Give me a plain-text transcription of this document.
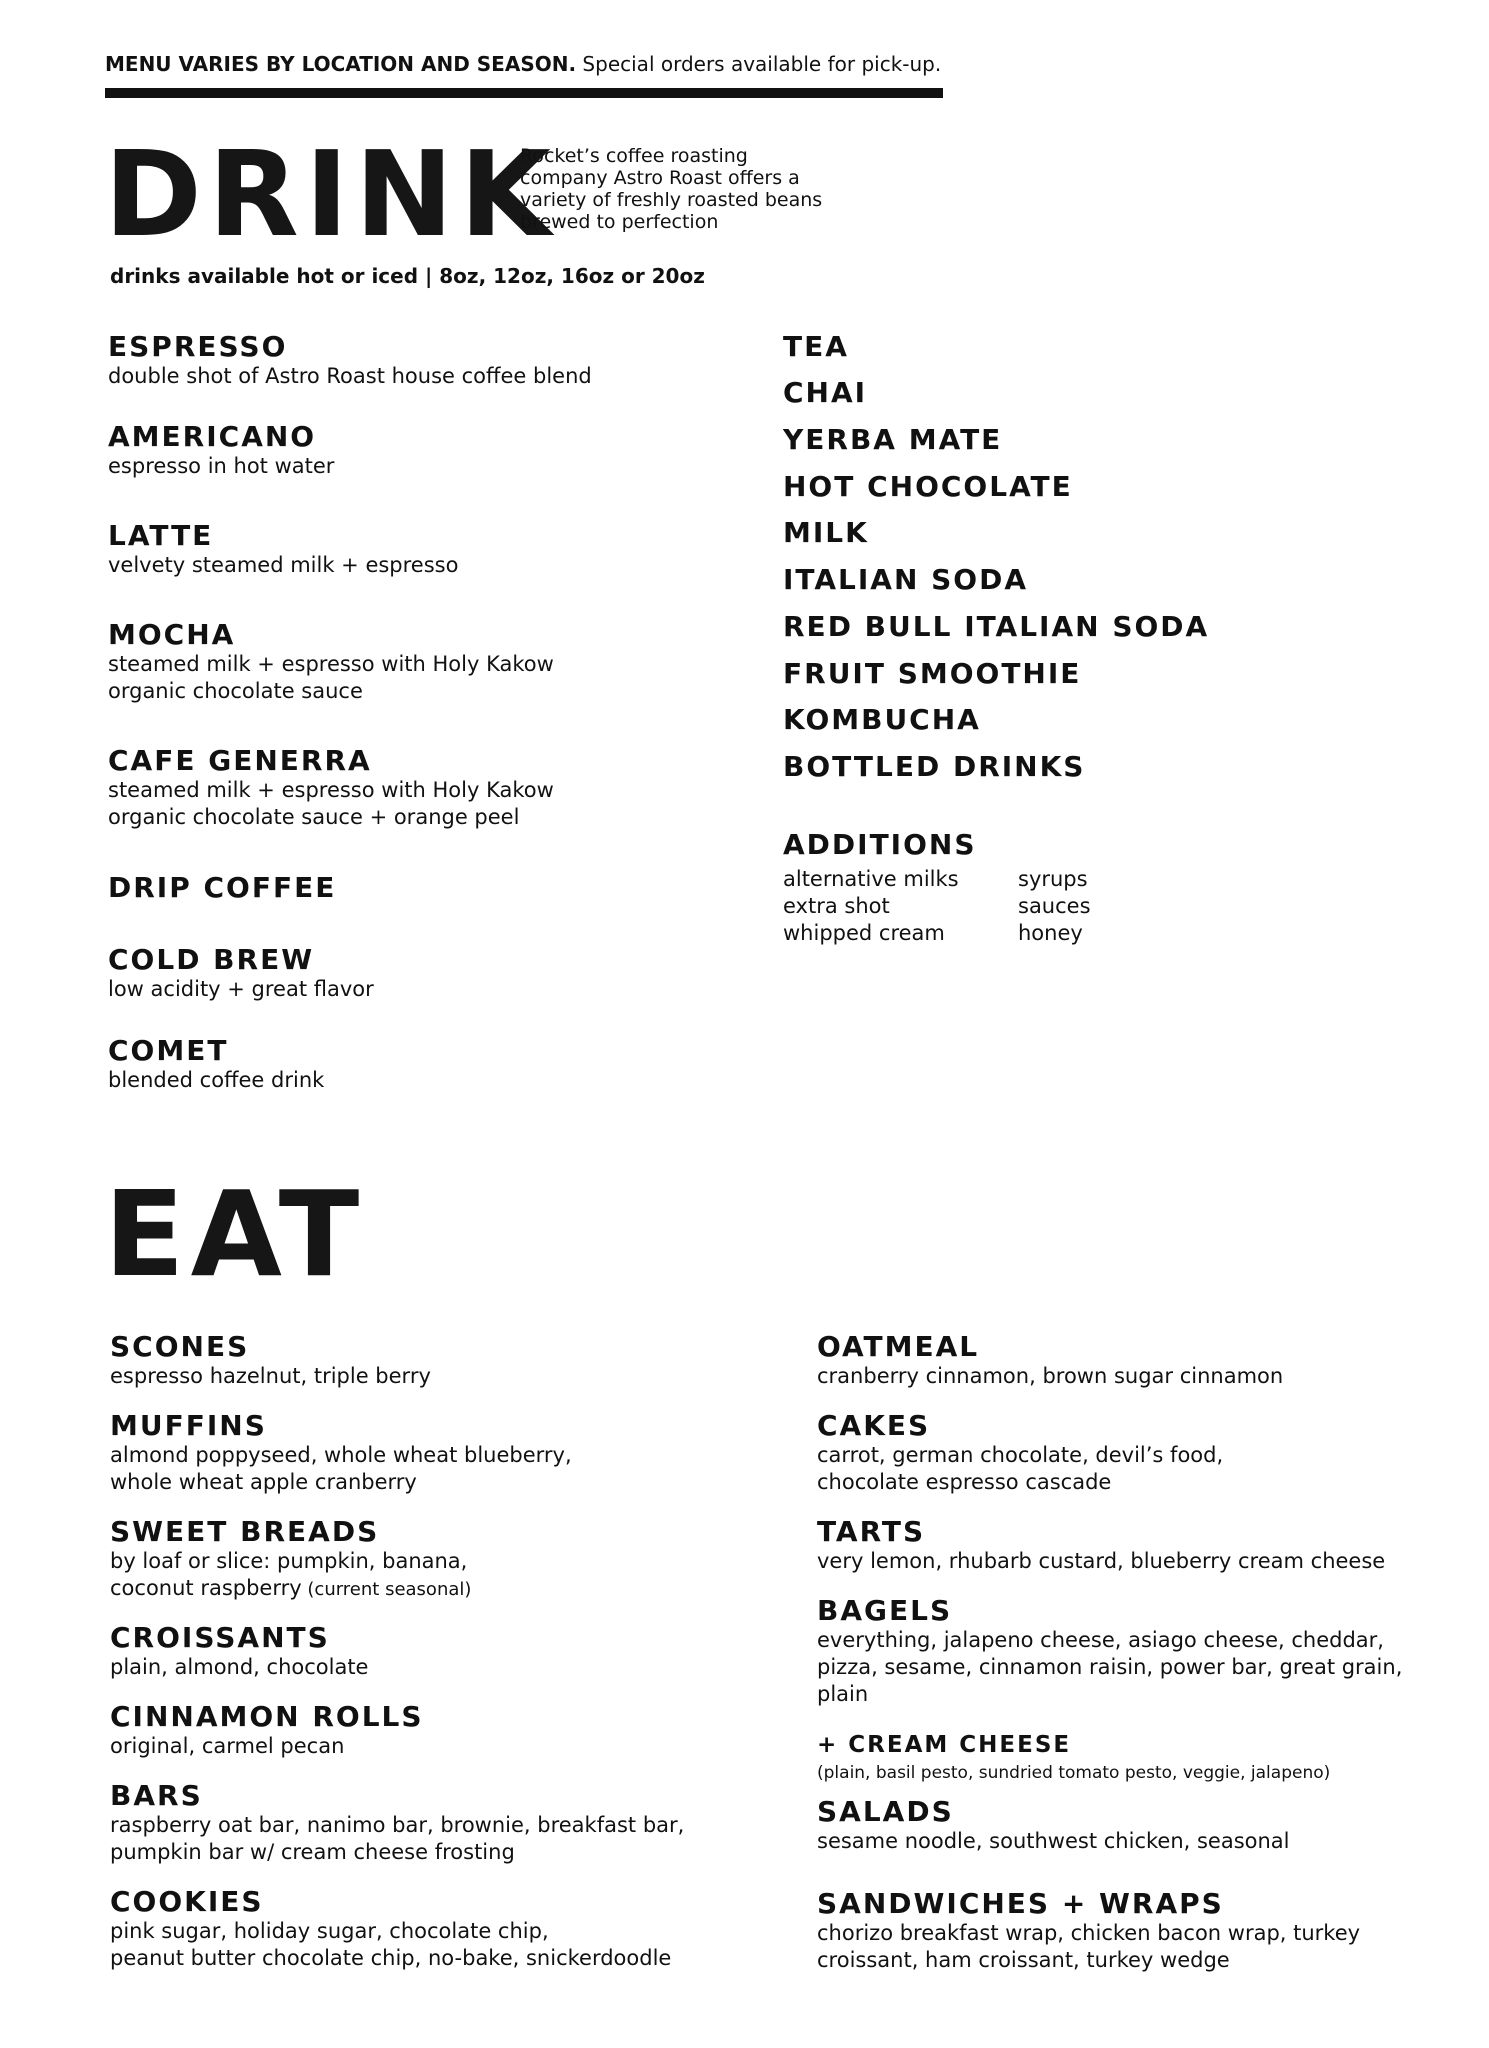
MENU VARIES BY LOCATION AND SEASON. Special orders available for pick-up.
DRINK
Rocket’s coffee roasting
company Astro Roast offers a
variety of freshly roasted beans
brewed to perfection
drinks available hot or iced | 8oz, 12oz, 16oz or 20oz
ESPRESSO
double shot of Astro Roast house coffee blend
AMERICANO
espresso in hot water
LATTE
velvety steamed milk + espresso
MOCHA
steamed milk + espresso with Holy Kakow
organic chocolate sauce
CAFE GENERRA
steamed milk + espresso with Holy Kakow
organic chocolate sauce + orange peel
DRIP COFFEE
COLD BREW
low acidity + great flavor
COMET
blended coffee drink
TEA
CHAI
YERBA MATE
HOT CHOCOLATE
MILK
ITALIAN SODA
RED BULL ITALIAN SODA
FRUIT SMOOTHIE
KOMBUCHA
BOTTLED DRINKS
ADDITIONS
alternative milks
extra shot
whipped cream
syrups
sauces
honey
EAT
SCONES
espresso hazelnut, triple berry
MUFFINS
almond poppyseed, whole wheat blueberry,
whole wheat apple cranberry
SWEET BREADS
by loaf or slice: pumpkin, banana,
coconut raspberry (current seasonal)
CROISSANTS
plain, almond, chocolate
CINNAMON ROLLS
original, carmel pecan
BARS
raspberry oat bar, nanimo bar, brownie, breakfast bar,
pumpkin bar w/ cream cheese frosting
COOKIES
pink sugar, holiday sugar, chocolate chip,
peanut butter chocolate chip, no-bake, snickerdoodle
OATMEAL
cranberry cinnamon, brown sugar cinnamon
CAKES
carrot, german chocolate, devil’s food,
chocolate espresso cascade
TARTS
very lemon, rhubarb custard, blueberry cream cheese
BAGELS
everything, jalapeno cheese, asiago cheese, cheddar,
pizza, sesame, cinnamon raisin, power bar, great grain,
plain
+ CREAM CHEESE
(plain, basil pesto, sundried tomato pesto, veggie, jalapeno)
SALADS
sesame noodle, southwest chicken, seasonal
SANDWICHES + WRAPS
chorizo breakfast wrap, chicken bacon wrap, turkey
croissant, ham croissant, turkey wedge
